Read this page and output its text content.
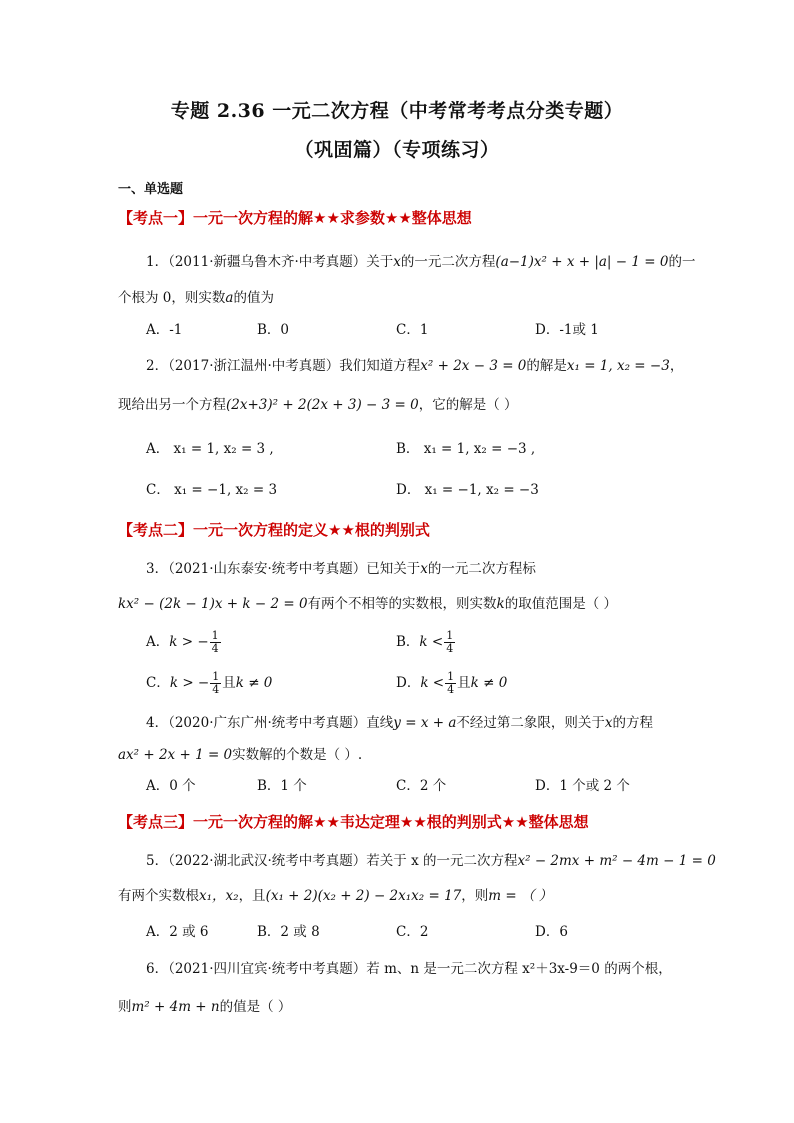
专题 2.36 一元二次方程（中考常考考点分类专题）
（巩固篇）（专项练习）
一、单选题
【考点一】一元一次方程的解★★求参数★★整体思想
1．（2011·新疆乌鲁木齐·中考真题）关于x的一元二次方程(a−1)x² + x + |a| − 1 = 0的一
个根为 0，则实数a的值为
A．-1	B．0	C．1	D．-1或 1
2．（2017·浙江温州·中考真题）我们知道方程x² + 2x − 3 = 0的解是x₁ = 1, x₂ = −3，
现给出另一个方程(2x+3)² + 2(2x + 3) − 3 = 0，它的解是（ ）
A． x₁ = 1, x₂ = 3 ,	B． x₁ = 1, x₂ = −3 ,
C． x₁ = −1, x₂ = 3	D． x₁ = −1, x₂ = −3
【考点二】一元一次方程的定义★★根的判别式
3．（2021·山东泰安·统考中考真题）已知关于x的一元二次方程标
kx² − (2k − 1)x + k − 2 = 0有两个不相等的实数根，则实数k的取值范围是（ ）
A．k > − $\frac{1}{4}$	B．$k < \frac{1}{4}$
C．k > − $\frac{1}{4}$ 且k ≠ 0	D．$k < \frac{1}{4}$ 且k ≠ 0
4．（2020·广东广州·统考中考真题）直线y = x + a不经过第二象限，则关于x的方程
ax² + 2x + 1 = 0实数解的个数是（ ）.
A．0 个	B．1 个	C．2 个	D．1 个或 2 个
【考点三】一元一次方程的解★★韦达定理★★根的判别式★★整体思想
5．（2022·湖北武汉·统考中考真题）若关于 x 的一元二次方程x² − 2mx + m² − 4m − 1 = 0
有两个实数根x₁，x₂，且(x₁ + 2)(x₂ + 2) − 2x₁x₂ = 17，则m = （ ）
A．2 或 6	B．2 或 8	C．2	D．6
6．（2021·四川宜宾·统考中考真题）若 m、n 是一元二次方程 x²＋3x-9＝0 的两个根，
则m² + 4m + n的值是（ ）
